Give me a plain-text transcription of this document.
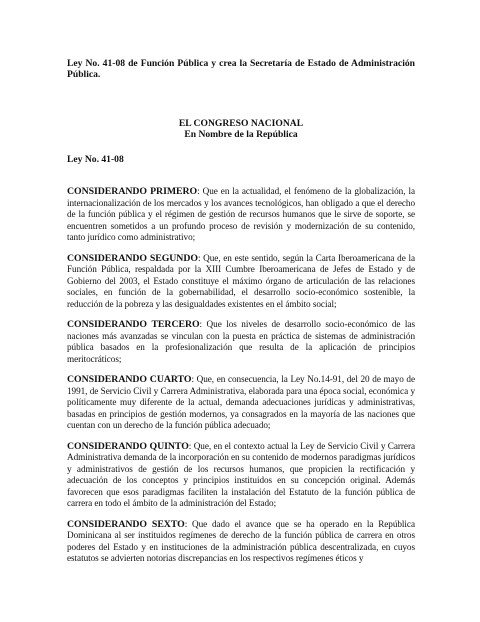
Ley No. 41-08 de Función Pública y crea la Secretaría de Estado de Administración Pública.

EL CONGRESO NACIONAL
En Nombre de la República

Ley No. 41-08

CONSIDERANDO PRIMERO: Que en la actualidad, el fenómeno de la globalización, la internacionalización de los mercados y los avances tecnológicos, han obligado a que el derecho de la función pública y el régimen de gestión de recursos humanos que le sirve de soporte, se encuentren sometidos a un profundo proceso de revisión y modernización de su contenido, tanto jurídico como administrativo;

CONSIDERANDO SEGUNDO: Que, en este sentido, según la Carta Iberoamericana de la Función Pública, respaldada por la XIII Cumbre Iberoamericana de Jefes de Estado y de Gobierno del 2003, el Estado constituye el máximo órgano de articulación de las relaciones sociales, en función de la gobernabilidad, el desarrollo socio-económico sostenible, la reducción de la pobreza y las desigualdades existentes en el ámbito social;

CONSIDERANDO TERCERO: Que los niveles de desarrollo socio-económico de las naciones más avanzadas se vinculan con la puesta en práctica de sistemas de administración pública basados en la profesionalización que resulta de la aplicación de principios meritocráticos;

CONSIDERANDO CUARTO: Que, en consecuencia, la Ley No.14-91, del 20 de mayo de 1991, de Servicio Civil y Carrera Administrativa, elaborada para una época social, económica y políticamente muy diferente de la actual, demanda adecuaciones jurídicas y administrativas, basadas en principios de gestión modernos, ya consagrados en la mayoría de las naciones que cuentan con un derecho de la función pública adecuado;

CONSIDERANDO QUINTO: Que, en el contexto actual la Ley de Servicio Civil y Carrera Administrativa demanda de la incorporación en su contenido de modernos paradigmas jurídicos y administrativos de gestión de los recursos humanos, que propicien la rectificación y adecuación de los conceptos y principios instituidos en su concepción original. Además favorecen que esos paradigmas faciliten la instalación del Estatuto de la función pública de carrera en todo el ámbito de la administración del Estado;

CONSIDERANDO SEXTO: Que dado el avance que se ha operado en la República Dominicana al ser instituidos regímenes de derecho de la función pública de carrera en otros poderes del Estado y en instituciones de la administración pública descentralizada, en cuyos estatutos se advierten notorias discrepancias en los respectivos regímenes éticos y
